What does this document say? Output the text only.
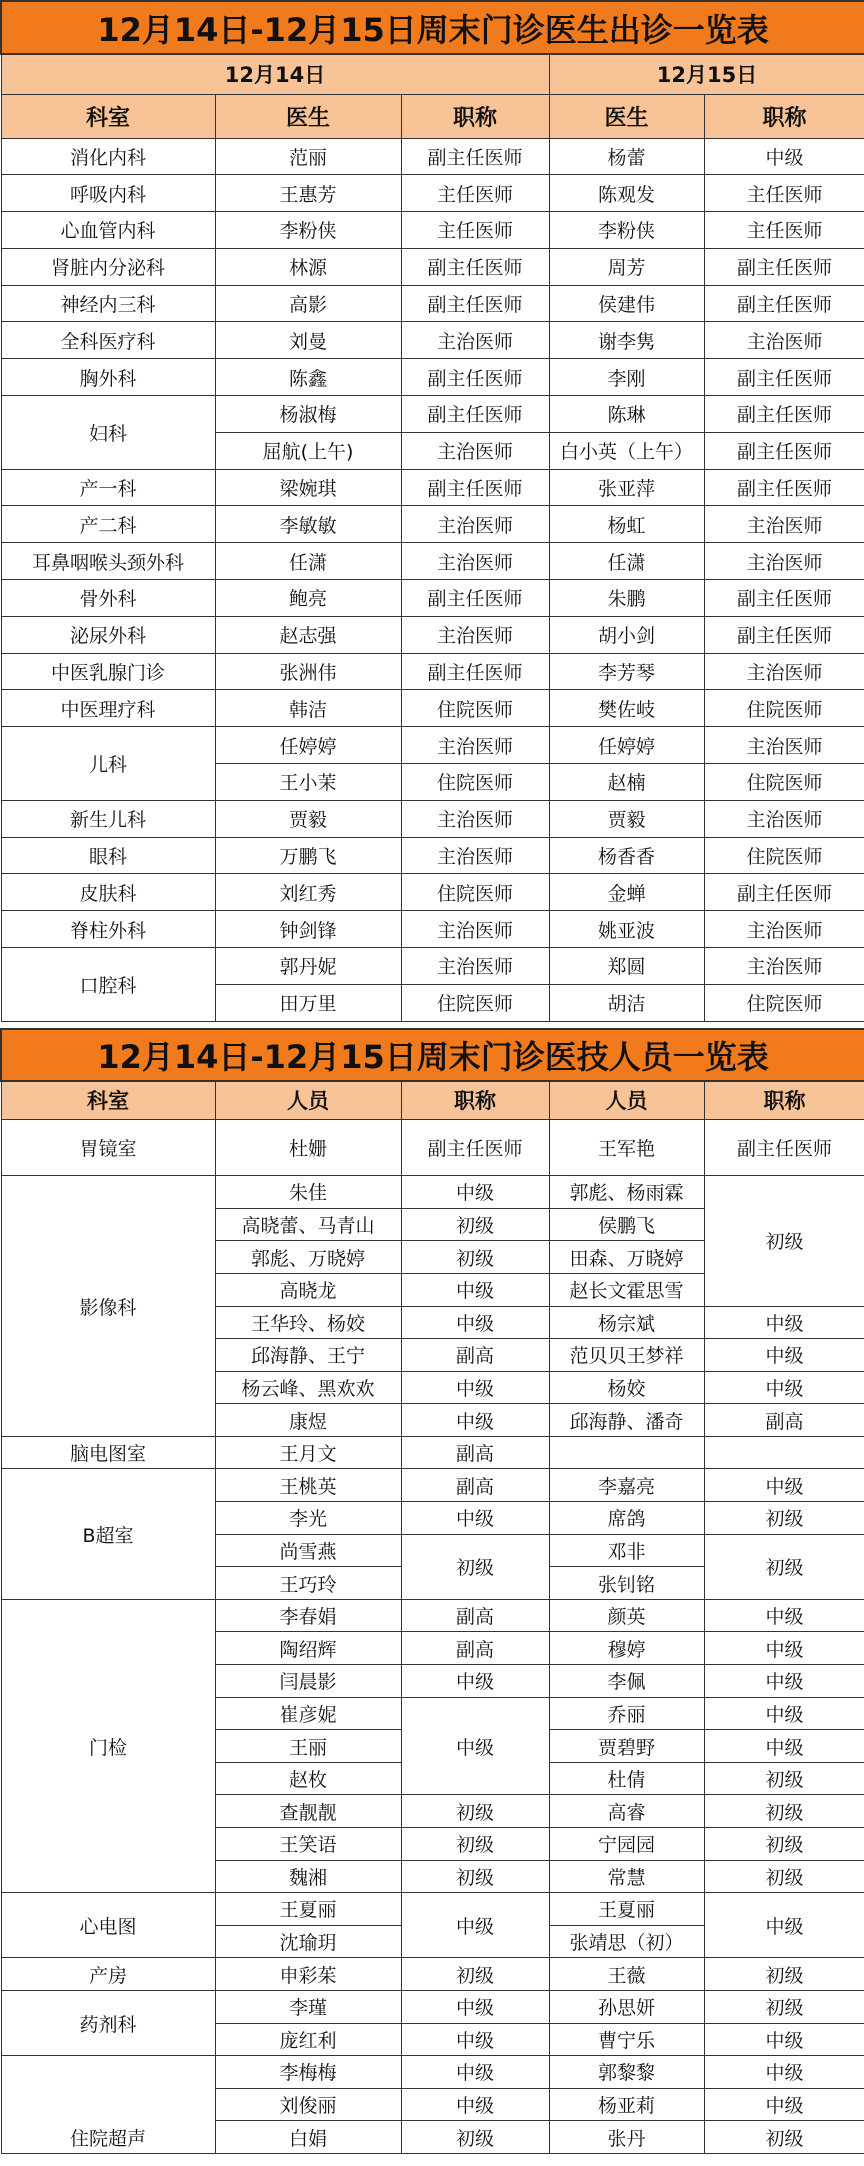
12月14日-12月15日周末门诊医生出诊一览表				
12月14日			12月15日	
科室	医生	职称	医生	职称
消化内科	范丽	副主任医师	杨蕾	中级
呼吸内科	王惠芳	主任医师	陈观发	主任医师
心血管内科	李粉侠	主任医师	李粉侠	主任医师
肾脏内分泌科	林源	副主任医师	周芳	副主任医师
神经内三科	高影	副主任医师	侯建伟	副主任医师
全科医疗科	刘曼	主治医师	谢李隽	主治医师
胸外科	陈鑫	副主任医师	李刚	副主任医师
妇科	杨淑梅	副主任医师	陈琳	副主任医师
	屈航(上午)	主治医师	白小英（上午）	副主任医师
产一科	梁婉琪	副主任医师	张亚萍	副主任医师
产二科	李敏敏	主治医师	杨虹	主治医师
耳鼻咽喉头颈外科	任潇	主治医师	任潇	主治医师
骨外科	鲍亮	副主任医师	朱鹏	副主任医师
泌尿外科	赵志强	主治医师	胡小剑	副主任医师
中医乳腺门诊	张洲伟	副主任医师	李芳琴	主治医师
中医理疗科	韩洁	住院医师	樊佐岐	住院医师
儿科	任婷婷	主治医师	任婷婷	主治医师
	王小茉	住院医师	赵楠	住院医师
新生儿科	贾毅	主治医师	贾毅	主治医师
眼科	万鹏飞	主治医师	杨香香	住院医师
皮肤科	刘红秀	住院医师	金蝉	副主任医师
脊柱外科	钟剑锋	主治医师	姚亚波	主治医师
口腔科	郭丹妮	主治医师	郑圆	主治医师
	田万里	住院医师	胡洁	住院医师
12月14日-12月15日周末门诊医技人员一览表				
科室	人员	职称	人员	职称
胃镜室	杜姗	副主任医师	王军艳	副主任医师
影像科	朱佳	中级	郭彪、杨雨霖	初级
	高晓蕾、马青山	初级	侯鹏飞	
	郭彪、万晓婷	初级	田森、万晓婷	
	高晓龙	中级	赵长文霍思雪	
	王华玲、杨姣	中级	杨宗斌	中级
	邱海静、王宁	副高	范贝贝王梦祥	中级
	杨云峰、黑欢欢	中级	杨姣	中级
	康煜	中级	邱海静、潘奇	副高
脑电图室	王月文	副高		
B超室	王桃英	副高	李嘉亮	中级
	李光	中级	席鸽	初级
	尚雪燕	初级	邓非	初级
	王巧玲		张钊铭	
门检	李春娟	副高	颜英	中级
	陶绍辉	副高	穆婷	中级
	闫晨影	中级	李佩	中级
	崔彦妮	中级	乔丽	中级
	王丽		贾碧野	中级
	赵枚		杜倩	初级
	查靓靓	初级	高睿	初级
	王笑语	初级	宁园园	初级
	魏湘	初级	常慧	初级
心电图	王夏丽	中级	王夏丽	中级
	沈瑜玥		张靖思（初）	
产房	申彩茱	初级	王薇	初级
药剂科	李瑾	中级	孙思妍	初级
	庞红利	中级	曹宁乐	中级
住院超声	李梅梅	中级	郭黎黎	中级
	刘俊丽	中级	杨亚莉	中级
	白娟	初级	张丹	初级
